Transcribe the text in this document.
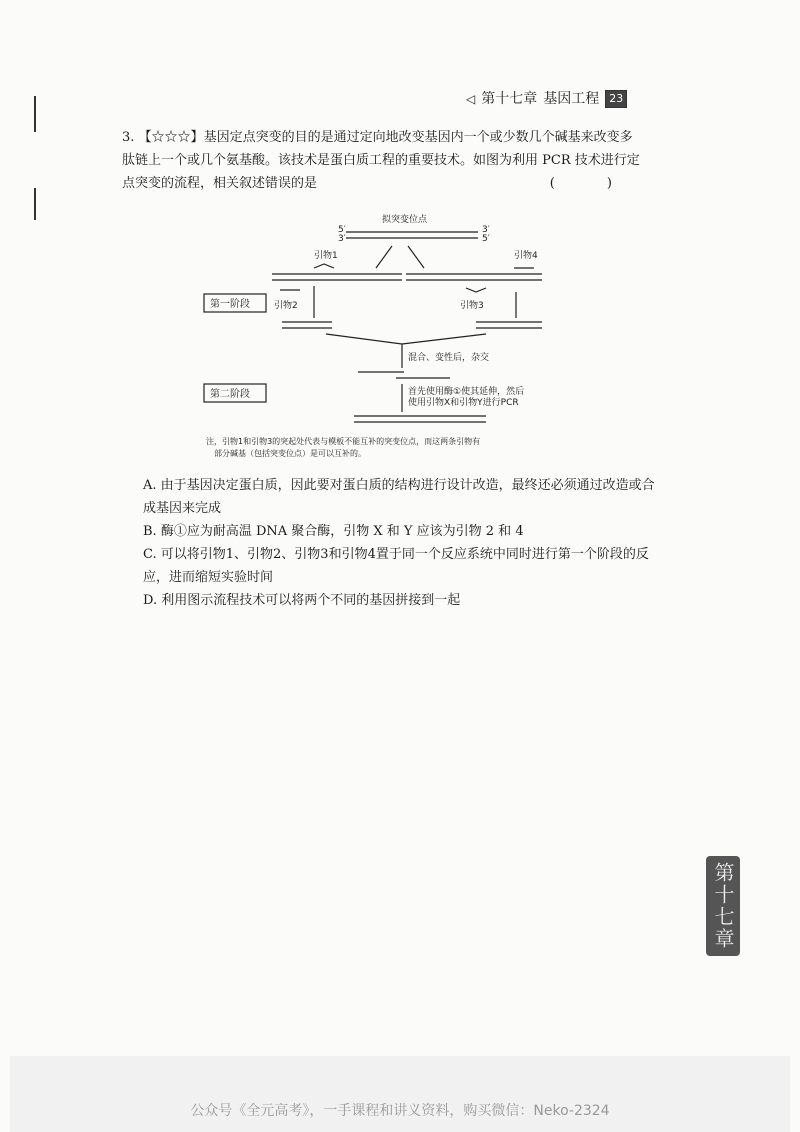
◁ 第十七章 基因工程 23
3. 【☆☆☆】基因定点突变的目的是通过定向地改变基因内一个或少数几个碱基来改变多肽链上一个或几个氨基酸。该技术是蛋白质工程的重要技术。如图为利用 PCR 技术进行定点突变的流程，相关叙述错误的是	( )
拟突变位点
5′
3′
3′
5′
引物1	引物4
引物2	引物3
第一阶段
第二阶段
混合、变性后，杂交
首先使用酶①使其延伸，然后
使用引物X和引物Y进行PCR
注，引物1和引物3的突起处代表与模板不能互补的突变位点，而这两条引物有
部分碱基（包括突变位点）是可以互补的。

A. 由于基因决定蛋白质，因此要对蛋白质的结构进行设计改造，最终还必须通过改造或合成基因来完成

B. 酶①应为耐高温 DNA 聚合酶，引物 X 和 Y 应该为引物 2 和 4

C. 可以将引物1、引物2、引物3和引物4置于同一个反应系统中同时进行第一个阶段的反应，进而缩短实验时间

D. 利用图示流程技术可以将两个不同的基因拼接到一起

第十七章
公众号《全元高考》，一手课程和讲义资料，购买微信：Neko-2324
